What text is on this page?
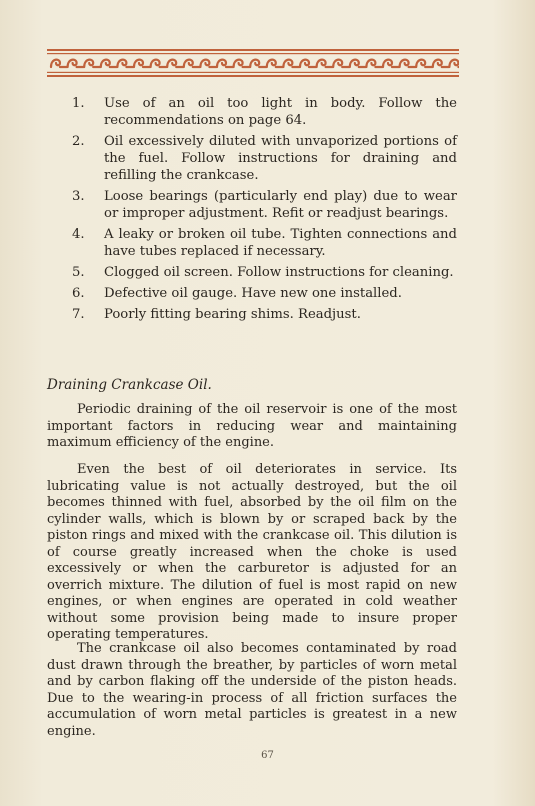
1.	Use of an oil too light in body. Follow the recommendations on page 64.
2.	Oil excessively diluted with unvaporized portions of the fuel. Follow instructions for draining and refilling the crankcase.
3.	Loose bearings (particularly end play) due to wear or improper adjustment. Refit or readjust bearings.
4.	A leaky or broken oil tube. Tighten connections and have tubes replaced if necessary.
5.	Clogged oil screen. Follow instructions for cleaning.
6.	Defective oil gauge. Have new one installed.
7.	Poorly fitting bearing shims. Readjust.
Draining Crankcase Oil.

Periodic draining of the oil reservoir is one of the most important factors in reducing wear and maintaining maximum efficiency of the engine.

Even the best of oil deteriorates in service. Its lubricating value is not actually destroyed, but the oil becomes thinned with fuel, absorbed by the oil film on the cylinder walls, which is blown by or scraped back by the piston rings and mixed with the crankcase oil. This dilution is of course greatly increased when the choke is used excessively or when the carburetor is adjusted for an overrich mixture. The dilution of fuel is most rapid on new engines, or when engines are operated in cold weather without some provision being made to insure proper operating temperatures.

The crankcase oil also becomes contaminated by road dust drawn through the breather, by particles of worn metal and by carbon flaking off the underside of the piston heads. Due to the wearing-in process of all friction surfaces the accumulation of worn metal particles is greatest in a new engine.

67
